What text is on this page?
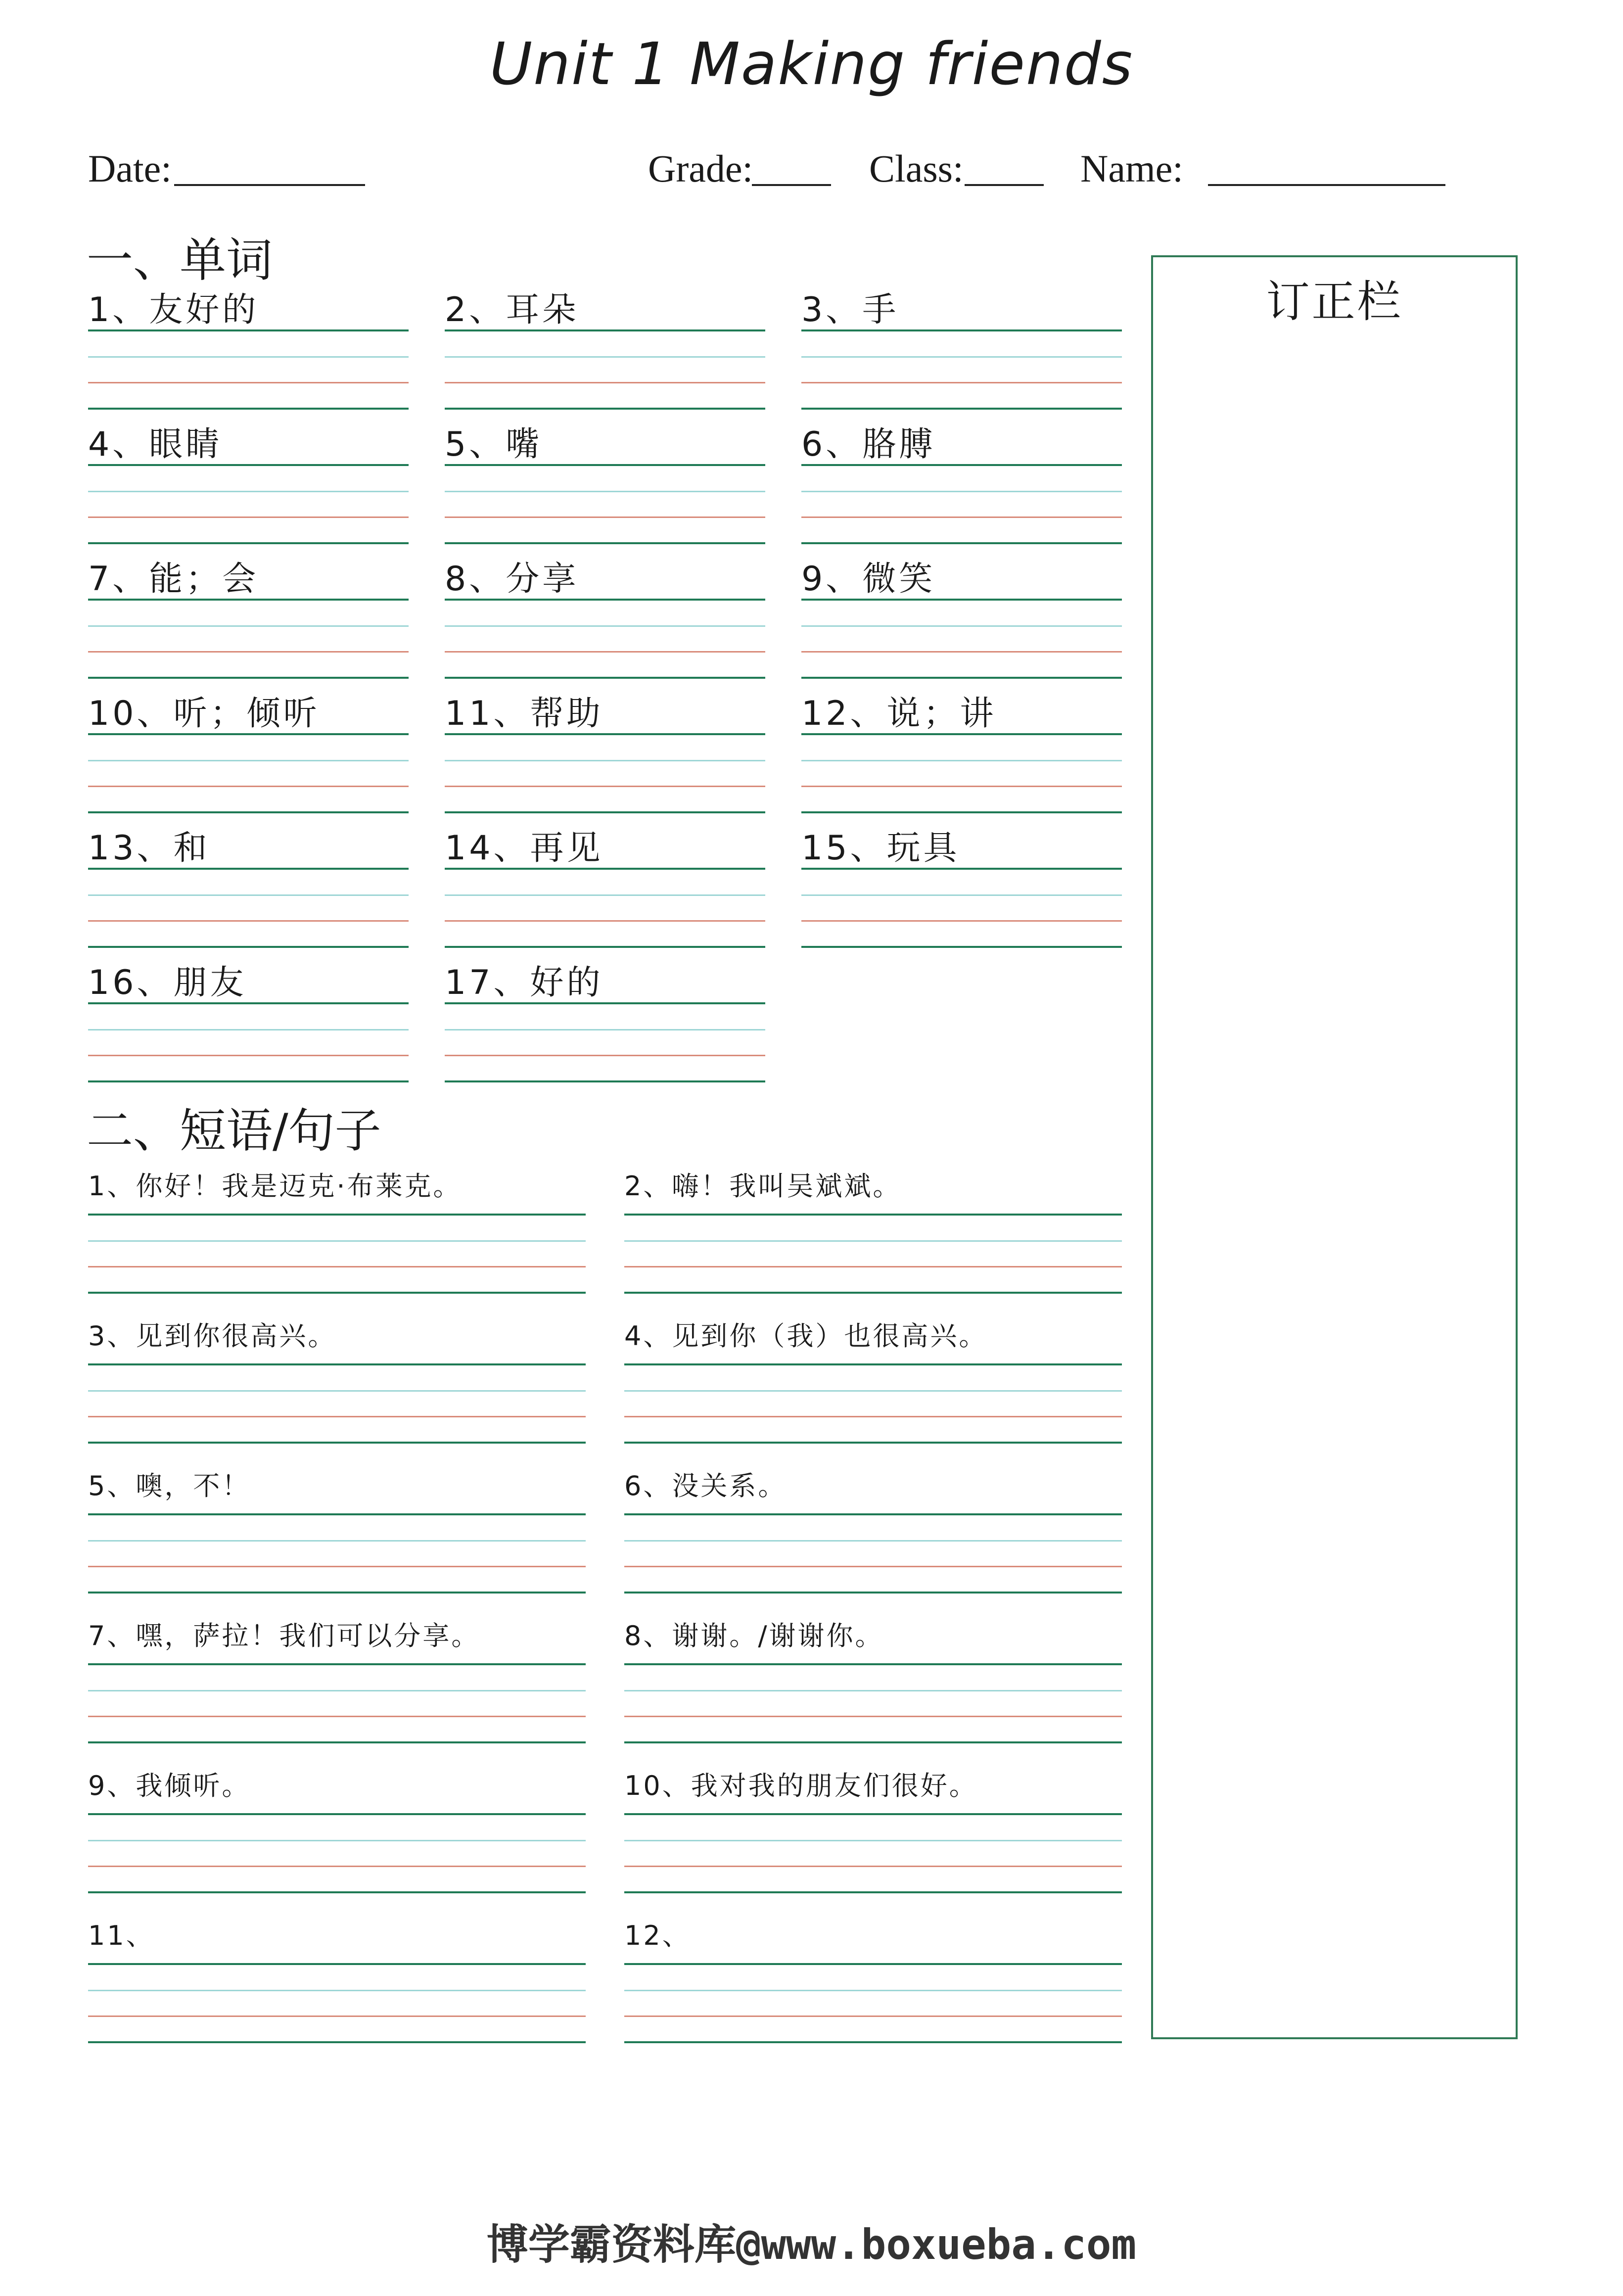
Unit 1 Making friends
Date:	Grade:	Class:	Name:
一、单词
1、友好的	2、耳朵	3、手
4、眼睛	5、嘴	6、胳膊
7、能；会	8、分享	9、微笑
10、听；倾听	11、帮助	12、说；讲
13、和	14、再见	15、玩具
16、朋友	17、好的
二、短语/句子
1、你好！我是迈克·布莱克。	2、嗨！我叫吴斌斌。
3、见到你很高兴。	4、见到你（我）也很高兴。
5、噢，不！	6、没关系。
7、嘿，萨拉！我们可以分享。	8、谢谢。/谢谢你。
9、我倾听。	10、我对我的朋友们很好。
11、	12、
订正栏
博学霸资料库@www.boxueba.com
